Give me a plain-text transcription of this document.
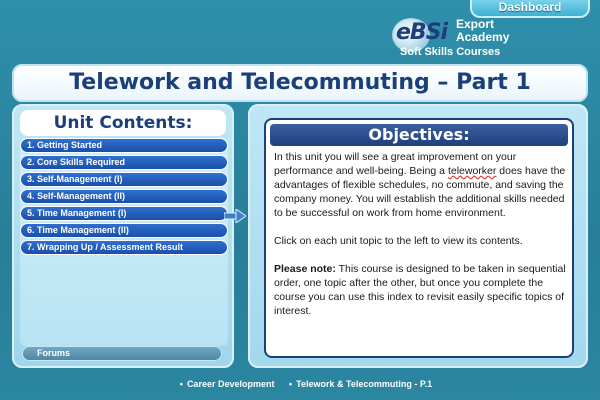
Dashboard
eBSi Export
Academy
Soft Skills Courses
Telework and Telecommuting – Part 1
Unit Contents:
1. Getting Started
2. Core Skills Required
3. Self-Management (I)
4. Self-Management (II)
5. Time Management (I)
6. Time Management (II)
7. Wrapping Up / Assessment Result
Forums
Objectives:

In this unit you will see a great improvement on your performance and well-being. Being a teleworker does have the advantages of flexible schedules, no commute, and saving the company money. You will establish the additional skills needed to be successful on work from home environment.

Click on each unit topic to the left to view its contents.

Please note: This course is designed to be taken in sequential order, one topic after the other, but once you complete the course you can use this index to revisit easily specific topics of interest.

• Career Development • Telework & Telecommuting - P.1
